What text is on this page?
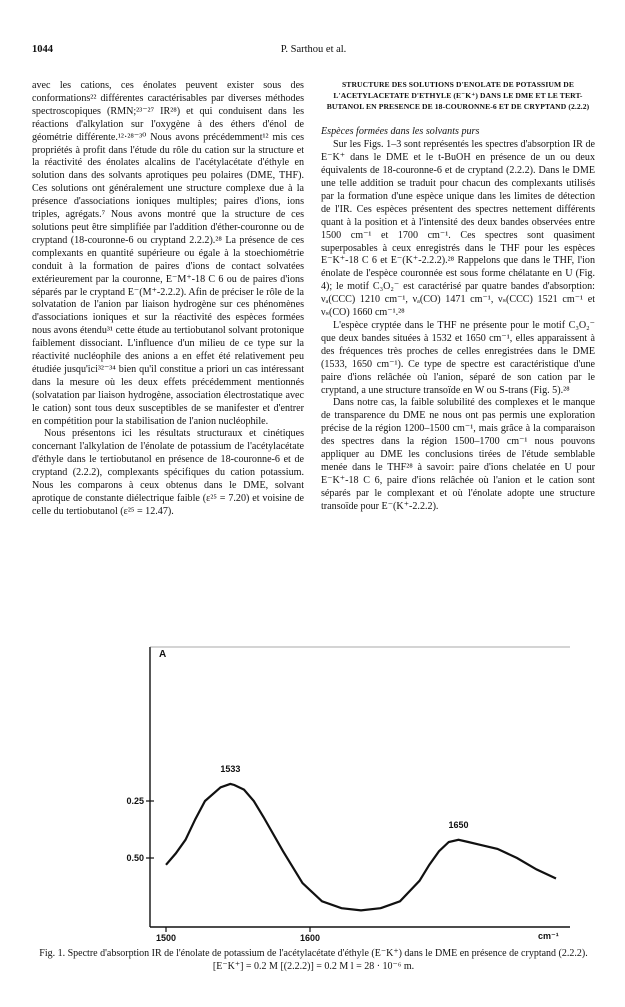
1044	P. Sarthou et al.

avec les cations, ces énolates peuvent exister sous des conformations²² différentes caractérisables par diverses méthodes spectroscopiques (RMN;²³⁻²⁷ IR²⁸) et qui conduisent dans les réactions d'alkylation sur l'oxygène à des éthers d'énol de géométrie différente.¹²·²⁸⁻³⁰ Nous avons précédemment¹² mis ces propriétés à profit dans l'étude du rôle du cation sur la structure et la réactivité des énolates alcalins de l'acétylacétate d'éthyle en solution dans des solvants aprotiques peu polaires (DME, THF). Ces solutions ont généralement une structure complexe due à la présence d'associations ioniques multiples; paires d'ions, ions triples, agrégats.⁷ Nous avons montré que la structure de ces solutions peut être simplifiée par l'addition d'éther-couronne ou de cryptand (18-couronne-6 ou cryptand 2.2.2).²⁸ La présence de ces complexants en quantité supérieure ou égale à la stoechiométrie conduit à la formation de paires d'ions de contact solvatées extérieurement par la couronne, E⁻M⁺-18 C 6 ou de paires d'ions séparés par le cryptand E⁻(M⁺-2.2.2). Afin de préciser le rôle de la solvatation de l'anion par liaison hydrogène sur ces phénomènes d'associations ioniques et sur la réactivité des espèces formées nous avons étendu³¹ cette étude au tertiobutanol solvant protonique faiblement dissociant. L'influence d'un milieu de ce type sur la réactivité nucléophile des anions a en effet été relativement peu étudiée jusqu'ici³²⁻³⁴ bien qu'il constitue a priori un cas intéressant dans la mesure où les deux effets précédemment mentionnés (solvatation par liaison hydrogène, association électrostatique avec le cation) sont tous deux susceptibles de se manifester et d'entrer en compétition pour la stabilisation de l'anion nucléophile.

Nous présentons ici les résultats structuraux et cinétiques concernant l'alkylation de l'énolate de potassium de l'acétylacétate d'éthyle dans le tertiobutanol en présence de 18-couronne-6 et de cryptand (2.2.2), complexants spécifiques du cation potassium. Nous les comparons à ceux obtenus dans le DME, solvant aprotique de constante diélectrique faible (ε²⁵ = 7.20) et voisine de celle du tertiobutanol (ε²⁵ = 12.47).

STRUCTURE DES SOLUTIONS D'ENOLATE DE POTASSIUM DE L'ACETYLACETATE D'ETHYLE (E⁻K⁺) DANS LE DME ET LE TERT-BUTANOL EN PRESENCE DE 18-COURONNE-6 ET DE CRYPTAND (2.2.2)

Espèces formées dans les solvants purs

Sur les Figs. 1–3 sont représentés les spectres d'absorption IR de E⁻K⁺ dans le DME et le t-BuOH en présence de un ou deux équivalents de 18-couronne-6 et de cryptand (2.2.2). Dans le DME une telle addition se traduit pour chacun des complexants utilisés par la formation d'une espèce unique dans les limites de détection de l'IR. Ces espèces présentent des spectres nettement différents quant à la position et à l'intensité des deux bandes observées entre 1500 cm⁻¹ et 1700 cm⁻¹. Ces spectres sont quasiment superposables à ceux enregistrés dans le THF pour les espèces E⁻K⁺-18 C 6 et E⁻(K⁺-2.2.2).²⁸ Rappelons que dans le THF, l'ion énolate de l'espèce couronnée est sous forme chélatante en U (Fig. 4); le motif C₃O₂⁻ est caractérisé par quatre bandes d'absorption: νₐ(CCC) 1210 cm⁻¹, νₐ(CO) 1471 cm⁻¹, νₛ(CCC) 1521 cm⁻¹ et νₛ(CO) 1660 cm⁻¹.²⁸

L'espèce cryptée dans le THF ne présente pour le motif C₃O₂⁻ que deux bandes situées à 1532 et 1650 cm⁻¹, elles apparaissent à des fréquences très proches de celles enregistrées dans le DME (1533, 1650 cm⁻¹). Ce type de spectre est caractéristique d'une paire d'ions relâchée où l'anion, séparé de son cation par le cryptand, a une structure transoïde en W ou S-trans (Fig. 5).²⁸

Dans notre cas, la faible solubilité des complexes et le manque de transparence du DME ne nous ont pas permis une exploration précise de la région 1200–1500 cm⁻¹, mais grâce à la comparaison des spectres dans la région 1500–1700 cm⁻¹ nous pouvons appliquer au DME les conclusions tirées de l'étude semblable menée dans le THF²⁸ à savoir: paire d'ions chelatée en U pour E⁻K⁺-18 C 6, paire d'ions relâchée où l'anion et le cation sont séparés par le complexant et où l'énolate adopte une structure transoïde pour E⁻(K⁺-2.2.2).

A
0.50
0.25
1500	1600
1533
1650
cm⁻¹
Fig. 1. Spectre d'absorption IR de l'énolate de potassium de l'acétylacétate d'éthyle (E⁻K⁺) dans le DME en présence de cryptand (2.2.2). [E⁻K⁺] = 0.2 M [(2.2.2)] = 0.2 M l = 28 · 10⁻⁶ m.
